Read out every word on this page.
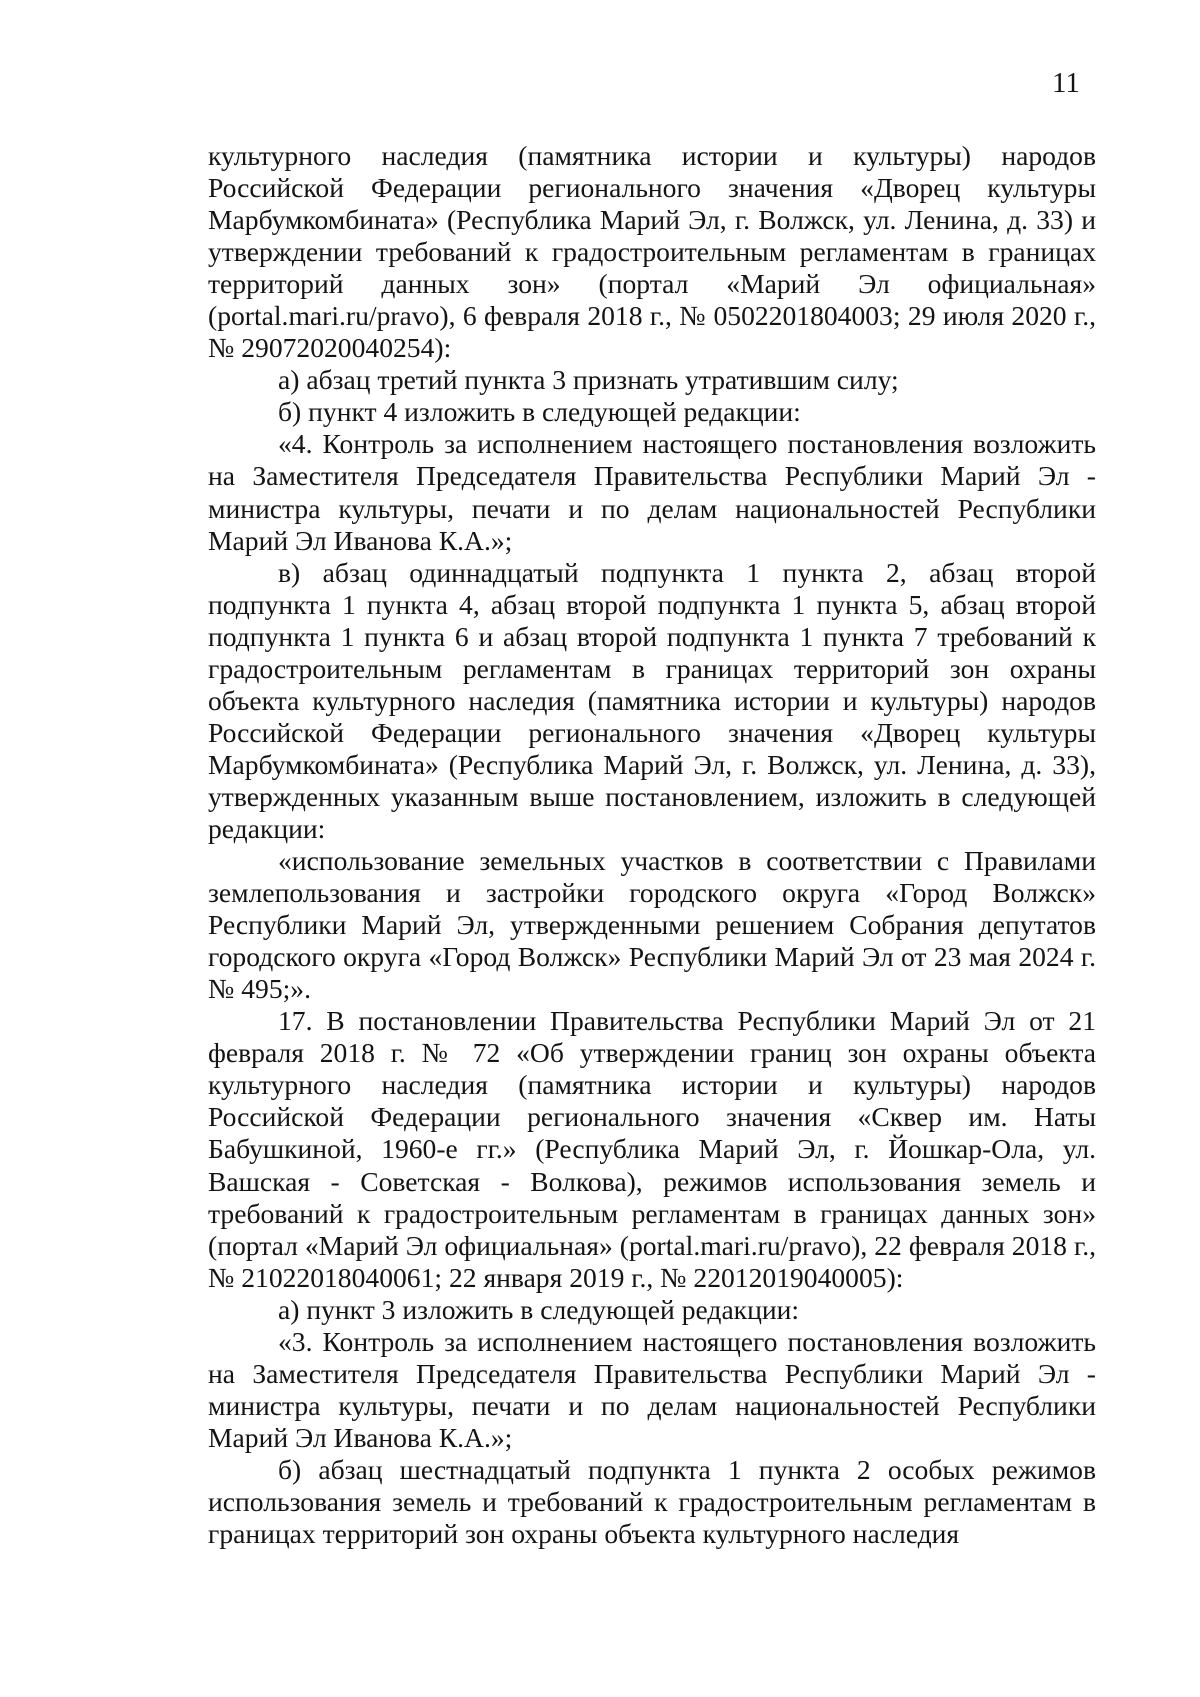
11

культурного наследия (памятника истории и культуры) народов Российской Федерации регионального значения «Дворец культуры Марбумкомбината» (Республика Марий Эл, г. Волжск, ул. Ленина, д. 33) и утверждении требований к градостроительным регламентам в границах территорий данных зон» (портал «Марий Эл официальная» (portal.mari.ru/pravo), 6 февраля 2018 г., № 0502201804003; 29 июля 2020 г., № 29072020040254):

а) абзац третий пункта 3 признать утратившим силу;

б) пункт 4 изложить в следующей редакции:

«4. Контроль за исполнением настоящего постановления возложить на Заместителя Председателя Правительства Республики Марий Эл - министра культуры, печати и по делам национальностей Республики Марий Эл Иванова К.А.»;

в) абзац одиннадцатый подпункта 1 пункта 2, абзац второй подпункта 1 пункта 4, абзац второй подпункта 1 пункта 5, абзац второй подпункта 1 пункта 6 и абзац второй подпункта 1 пункта 7 требований к градостроительным регламентам в границах территорий зон охраны объекта культурного наследия (памятника истории и культуры) народов Российской Федерации регионального значения «Дворец культуры Марбумкомбината» (Республика Марий Эл, г. Волжск, ул. Ленина, д. 33), утвержденных указанным выше постановлением, изложить в следующей редакции:

«использование земельных участков в соответствии с Правилами землепользования и застройки городского округа «Город Волжск» Республики Марий Эл, утвержденными решением Собрания депутатов городского округа «Город Волжск» Республики Марий Эл от 23 мая 2024 г. № 495;».

17. В постановлении Правительства Республики Марий Эл от 21 февраля 2018 г. № 72 «Об утверждении границ зон охраны объекта культурного наследия (памятника истории и культуры) народов Российской Федерации регионального значения «Сквер им. Наты Бабушкиной, 1960-е гг.» (Республика Марий Эл, г. Йошкар-Ола, ул. Вашская - Советская - Волкова), режимов использования земель и требований к градостроительным регламентам в границах данных зон» (портал «Марий Эл официальная» (portal.mari.ru/pravo), 22 февраля 2018 г., № 21022018040061; 22 января 2019 г., № 22012019040005):

а) пункт 3 изложить в следующей редакции:

«3. Контроль за исполнением настоящего постановления возложить на Заместителя Председателя Правительства Республики Марий Эл - министра культуры, печати и по делам национальностей Республики Марий Эл Иванова К.А.»;

б) абзац шестнадцатый подпункта 1 пункта 2 особых режимов использования земель и требований к градостроительным регламентам в границах территорий зон охраны объекта культурного наследия
